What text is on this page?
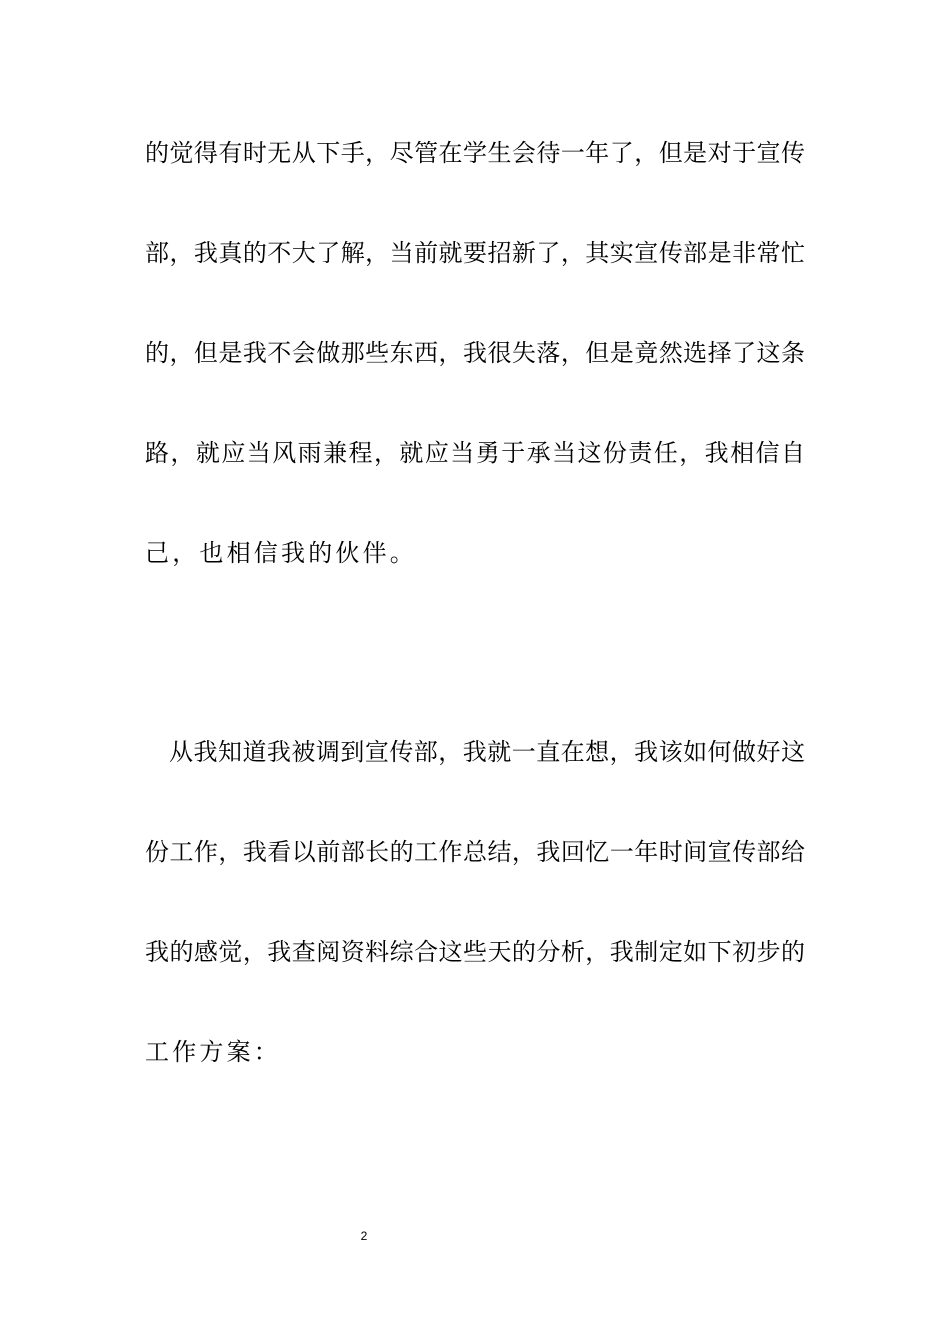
的觉得有时无从下手，尽管在学生会待一年了，但是对于宣传
部，我真的不大了解，当前就要招新了，其实宣传部是非常忙
的，但是我不会做那些东西，我很失落，但是竟然选择了这条
路，就应当风雨兼程，就应当勇于承当这份责任，我相信自
己，也相信我的伙伴。
从我知道我被调到宣传部，我就一直在想，我该如何做好这
份工作，我看以前部长的工作总结，我回忆一年时间宣传部给
我的感觉，我查阅资料综合这些天的分析，我制定如下初步的
工作方案：
2
